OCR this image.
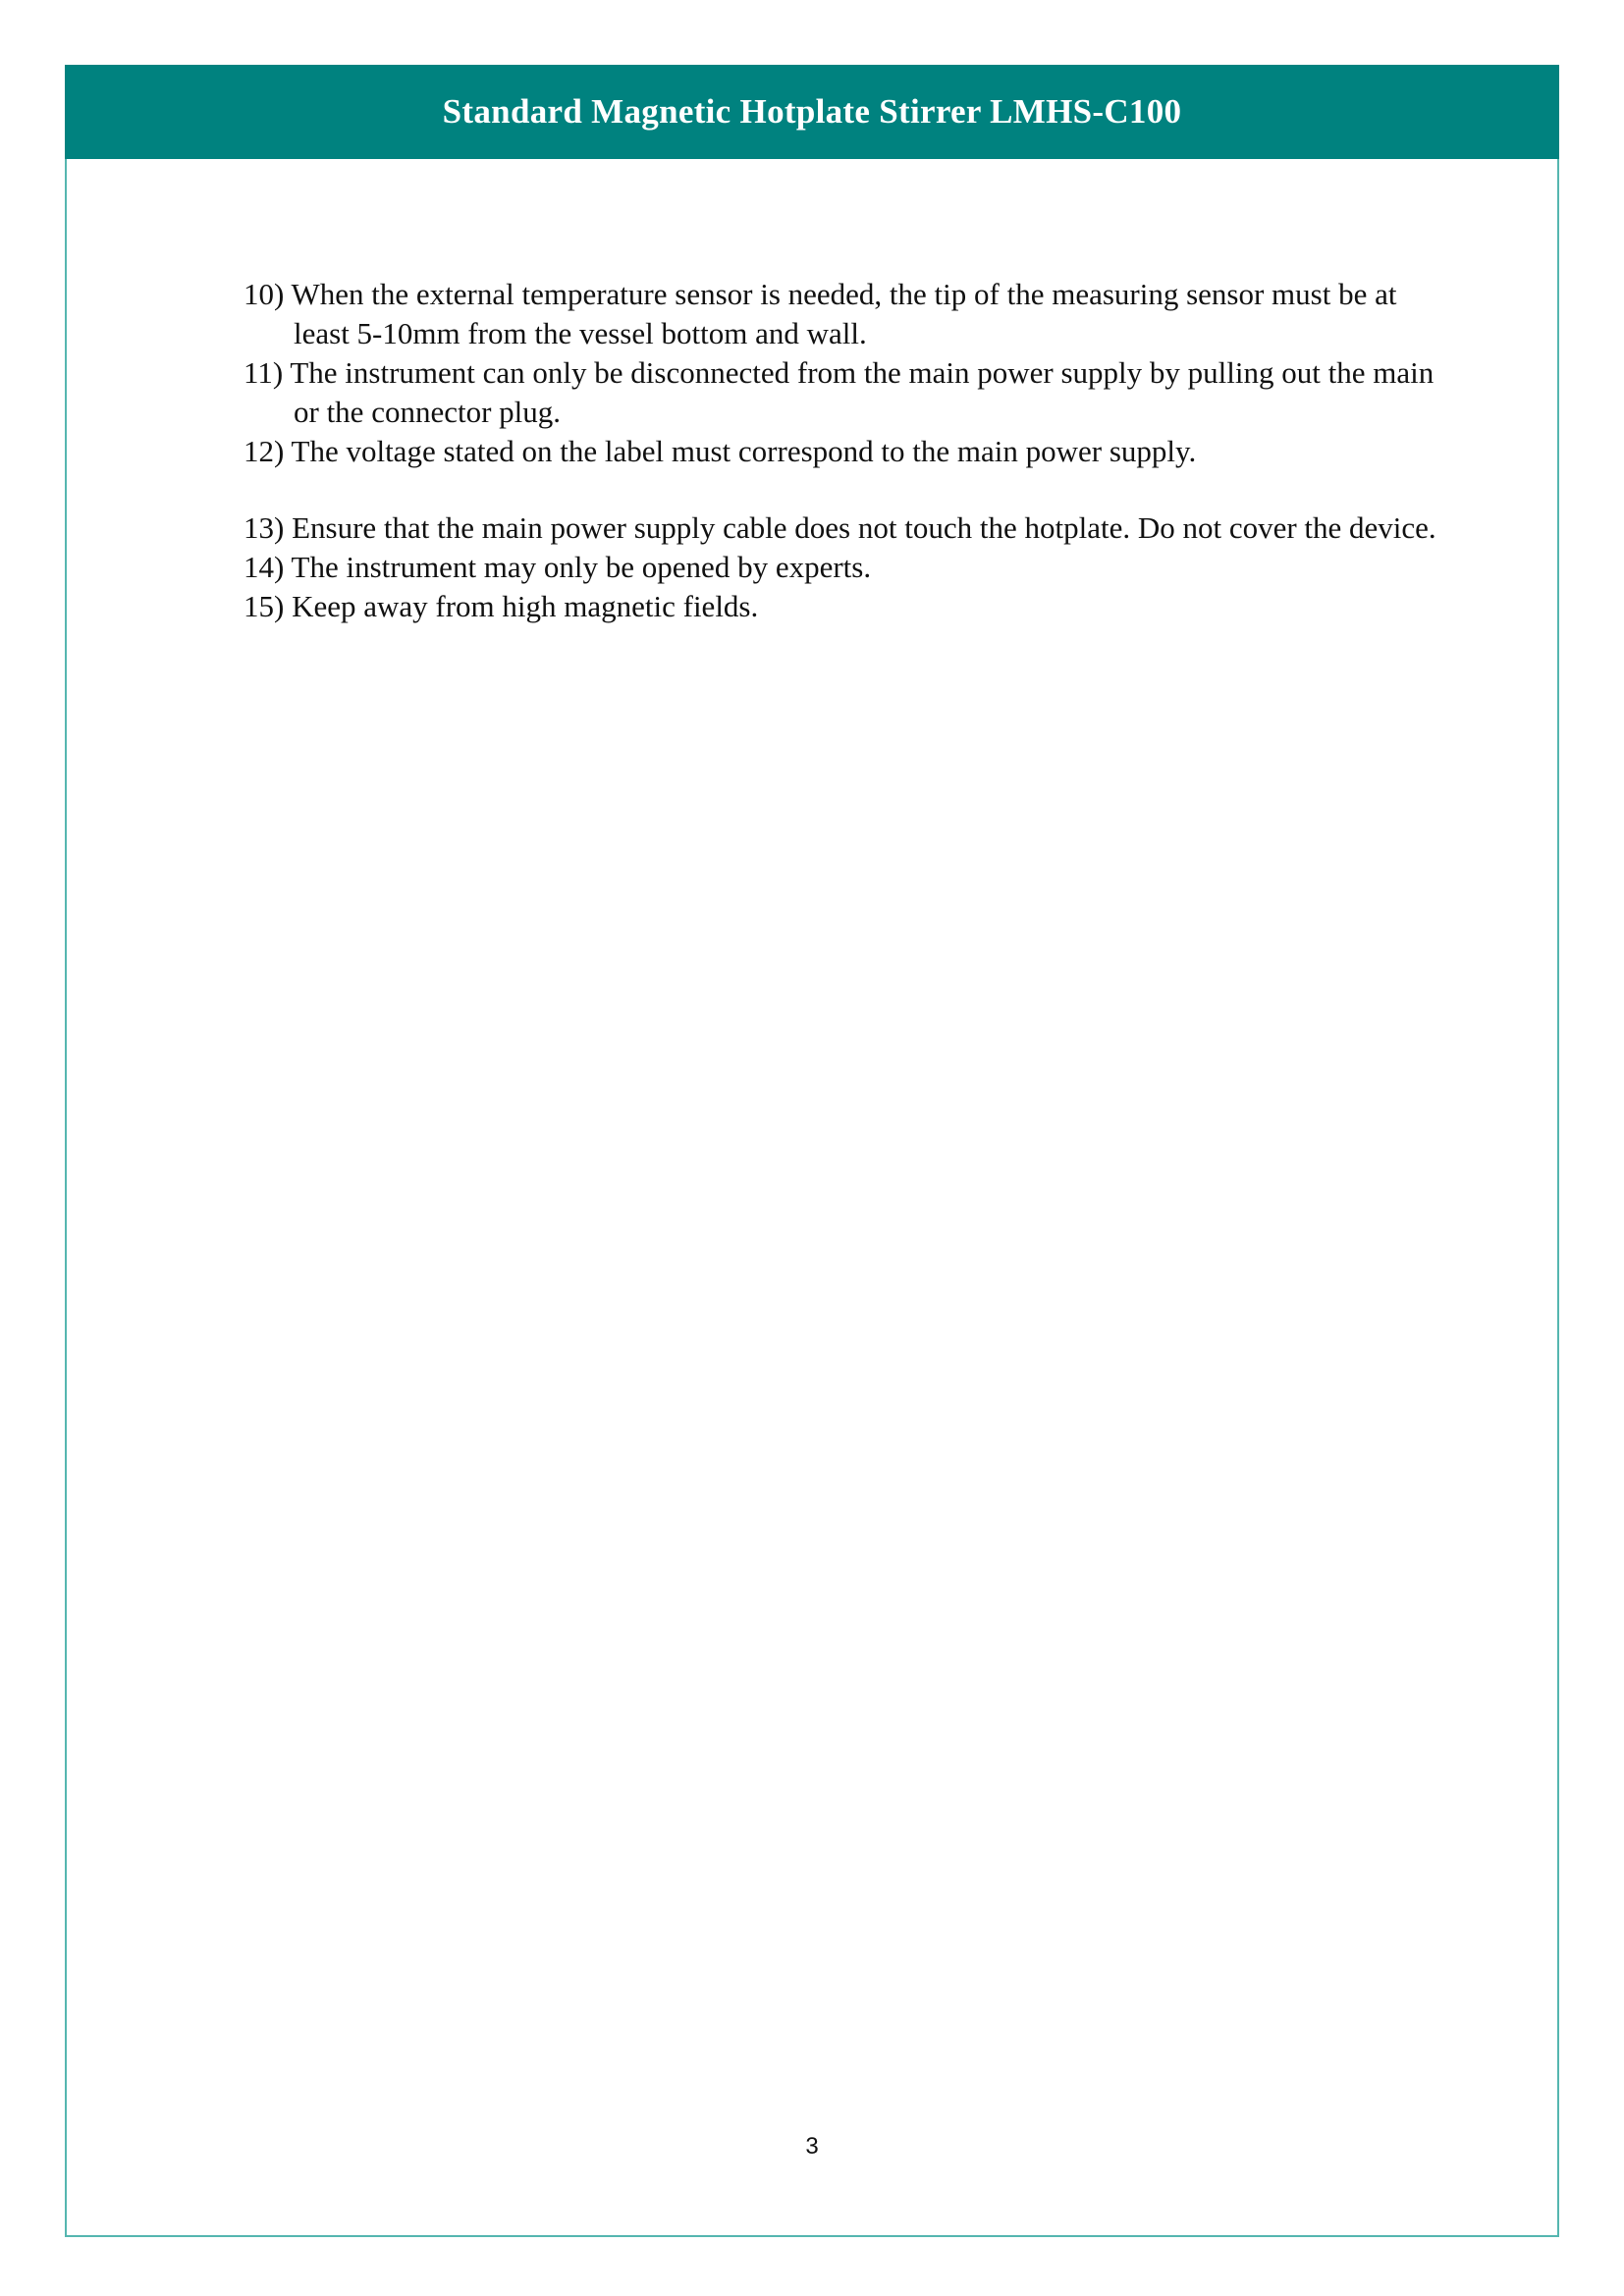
Standard Magnetic Hotplate Stirrer LMHS-C100
10) When the external temperature sensor is needed, the tip of the measuring sensor must be at least 5-10mm from the vessel bottom and wall.
11) The instrument can only be disconnected from the main power supply by pulling out the main or the connector plug.
12) The voltage stated on the label must correspond to the main power supply.
13) Ensure that the main power supply cable does not touch the hotplate. Do not cover the device.
14) The instrument may only be opened by experts.
15) Keep away from high magnetic fields.
3
